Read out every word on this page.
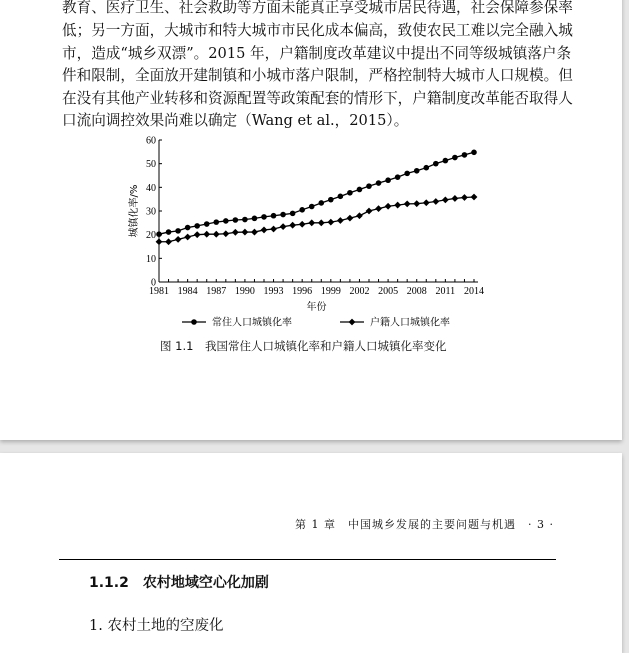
教育、医疗卫生、社会救助等方面未能真正享受城市居民待遇，社会保障参保率
低；另一方面，大城市和特大城市市民化成本偏高，致使农民工难以完全融入城
市，造成“城乡双漂”。2015 年，户籍制度改革建议中提出不同等级城镇落户条
件和限制，全面放开建制镇和小城市落户限制，严格控制特大城市人口规模。但
在没有其他产业转移和资源配置等政策配套的情形下，户籍制度改革能否取得人
口流向调控效果尚难以确定（Wang et al.，2015）。
0
10
20
30
40
50
60
1981 1984 1987 1990 1993 1996 1999 2002 2005 2008 2011 2014
年份
城镇化率/%
常住人口城镇化率	户籍人口城镇化率
图 1.1　我国常住人口城镇化率和户籍人口城镇化率变化
第 1 章　中国城乡发展的主要问题与机遇　· 3 ·
1.1.2　农村地域空心化加剧
1. 农村土地的空废化
